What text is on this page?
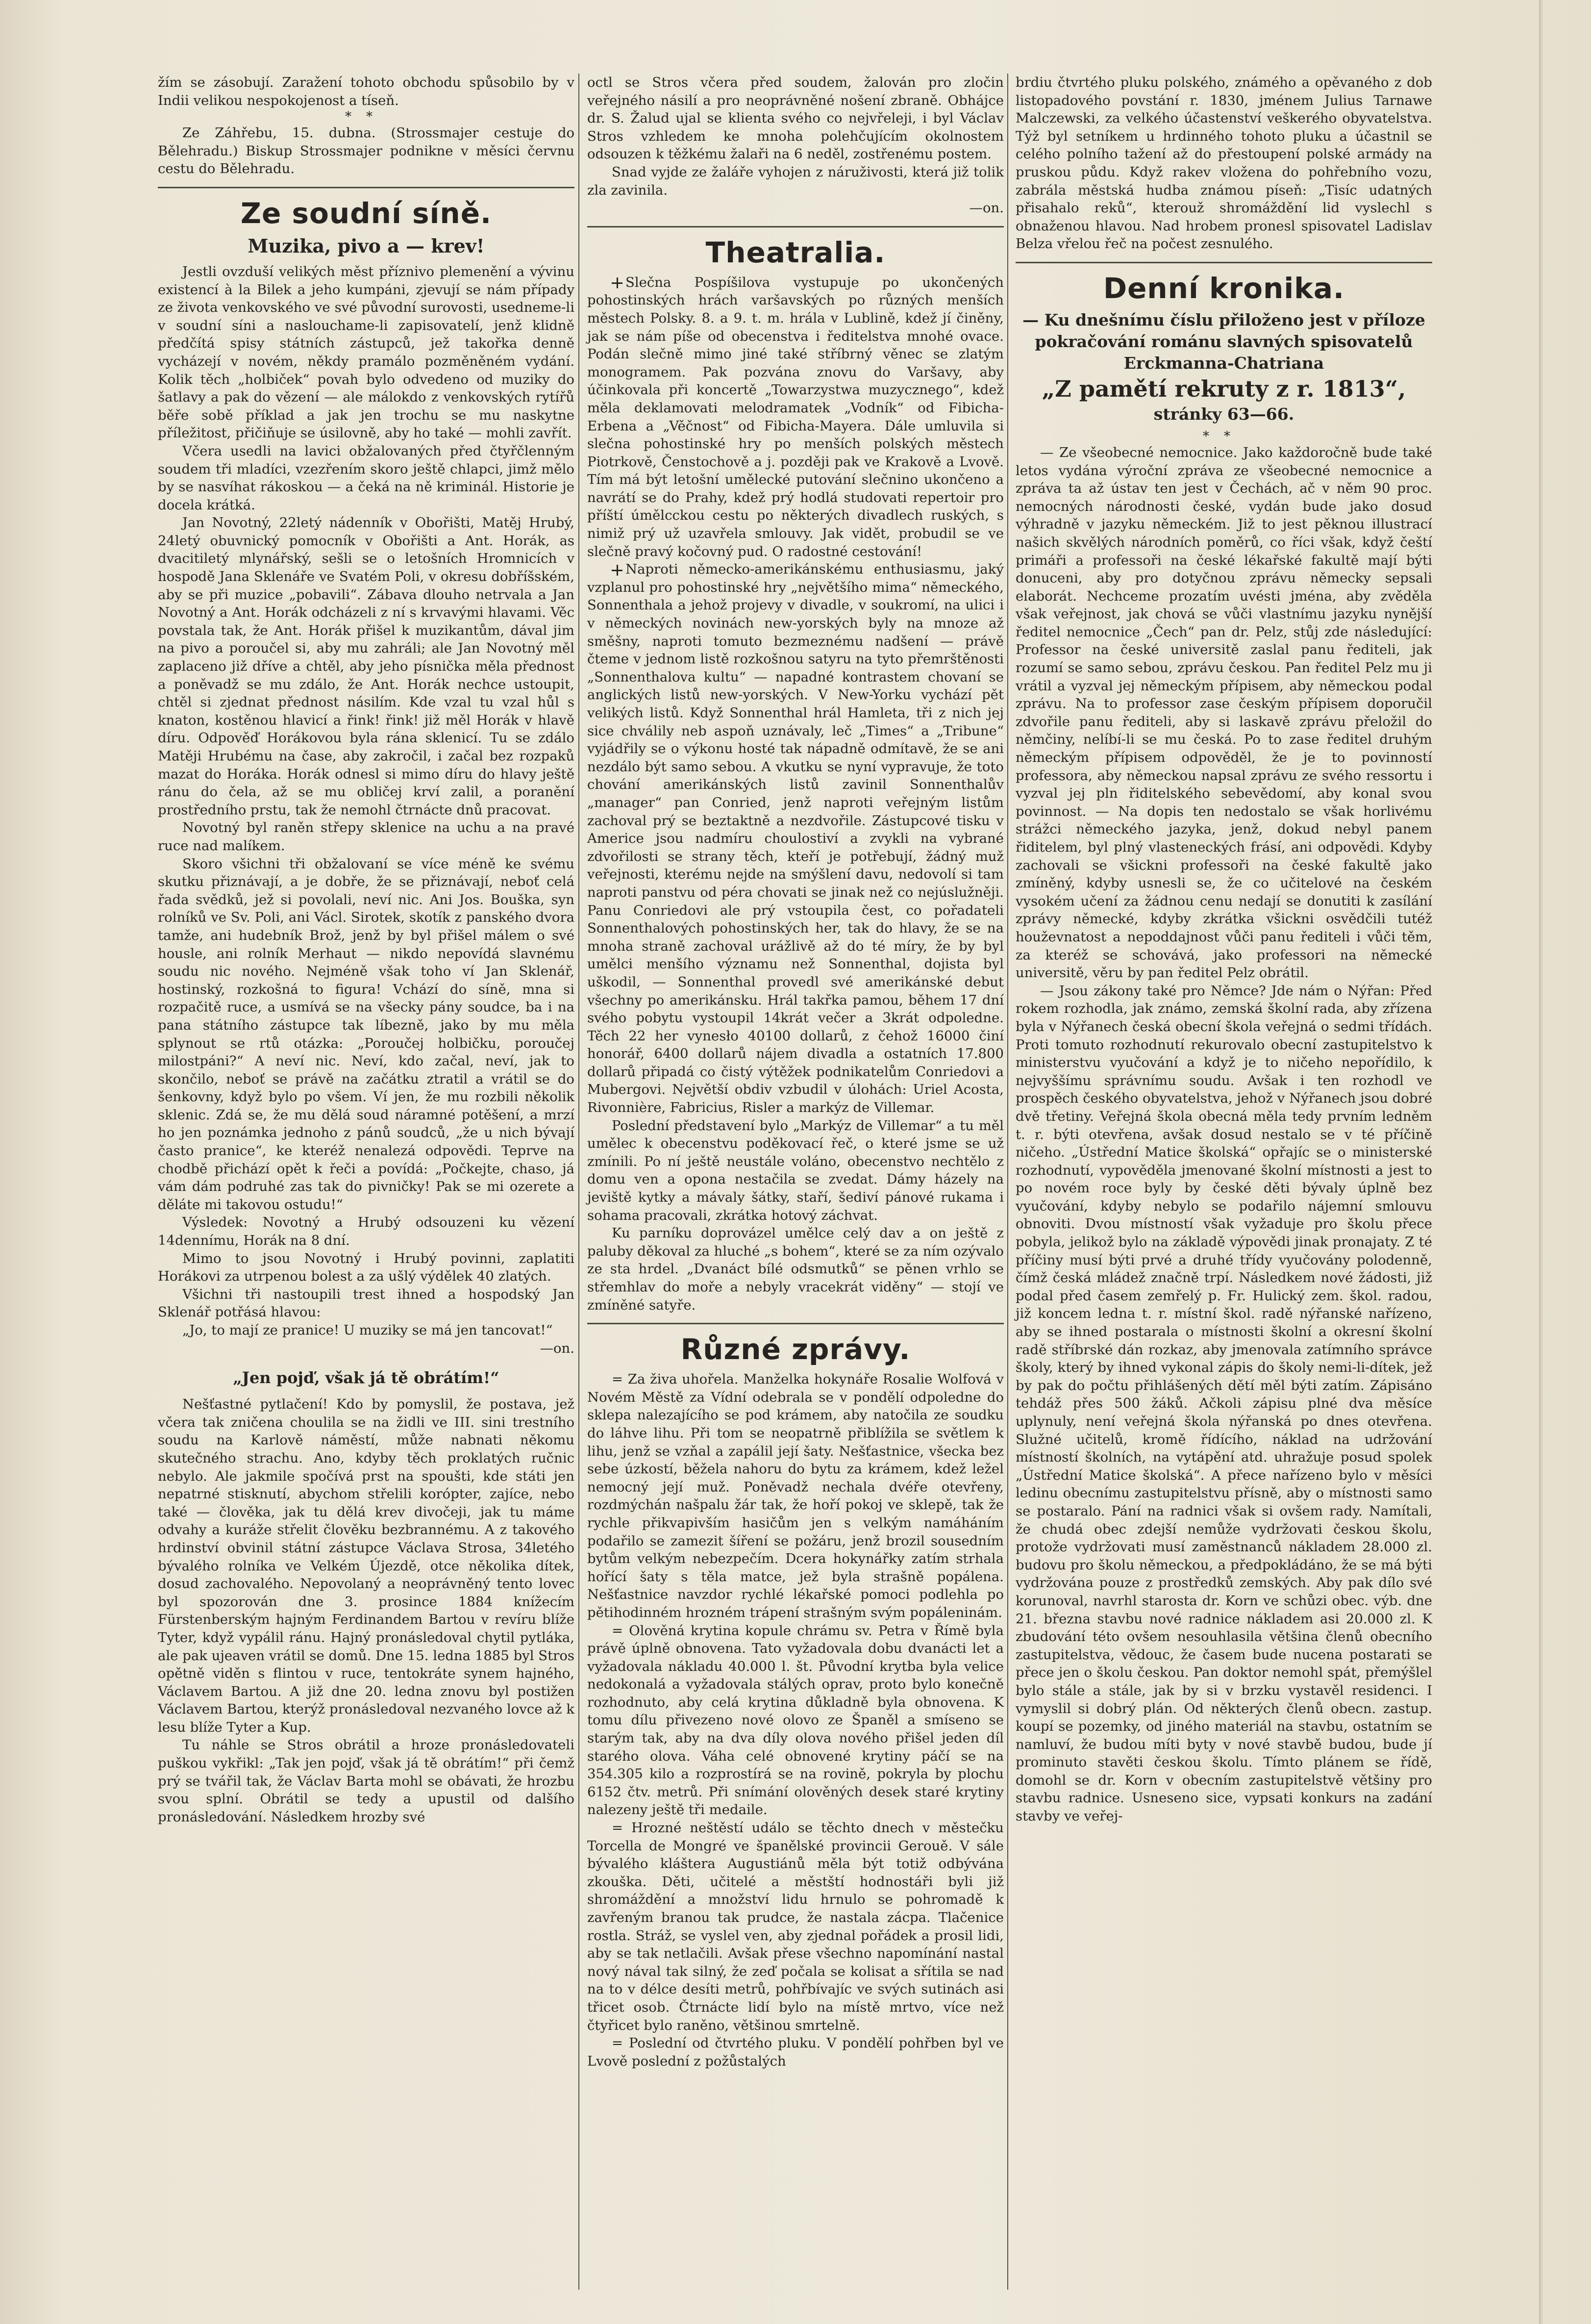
žím se zásobují. Zaražení tohoto obchodu spůsobilo by v Indii velikou nespokojenost a tíseň.

**

Ze Záhřebu, 15. dubna. (Strossmajer cestuje do Bělehradu.) Biskup Strossmajer podnikne v měsíci červnu cestu do Bělehradu.

Ze soudní síně.
Muzika, pivo a — krev!

Jestli ovzduší velikých měst příznivo plemenění a vývinu existencí à la Bilek a jeho kumpáni, zjevují se nám případy ze života venkovského ve své původní surovosti, usedneme-li v soudní síni a naslouchame-li zapisovatelí, jenž klidně předčítá spisy státních zástupců, jež takořka denně vycházejí v novém, někdy pramálo pozměněném vydání. Kolik těch „holbiček“ povah bylo odvedeno od muziky do šatlavy a pak do vězení — ale málokdo z venkovských rytířů běře sobě příklad a jak jen trochu se mu naskytne příležitost, přičiňuje se úsilovně, aby ho také — mohli zavřít.

Včera usedli na lavici obžalovaných před čtyřčlenným soudem tři mladíci, vzezřením skoro ještě chlapci, jimž mělo by se nasvíhat rákoskou — a čeká na ně kriminál. Historie je docela krátká.

Jan Novotný, 22letý nádenník v Obořišti, Matěj Hrubý, 24letý obuvnický pomocník v Obořišti a Ant. Horák, as dvacitiletý mlynářský, sešli se o letošních Hromnicích v hospodě Jana Sklenáře ve Svatém Poli, v okresu dobříšském, aby se při muzice „pobavili“. Zábava dlouho netrvala a Jan Novotný a Ant. Horák odcházeli z ní s krvavými hlavami. Věc povstala tak, že Ant. Horák přišel k muzikantům, dával jim na pivo a poroučel si, aby mu zahráli; ale Jan Novotný měl zaplaceno již dříve a chtěl, aby jeho písnička měla přednost a poněvadž se mu zdálo, že Ant. Horák nechce ustoupit, chtěl si zjednat přednost násilím. Kde vzal tu vzal hůl s knaton, kostěnou hlavicí a řink! řink! již měl Horák v hlavě díru. Odpověď Horákovou byla rána sklenicí. Tu se zdálo Matěji Hrubému na čase, aby zakročil, i začal bez rozpaků mazat do Horáka. Horák odnesl si mimo díru do hlavy ještě ránu do čela, až se mu obličej krví zalil, a poranění prostředního prstu, tak že nemohl čtrnácte dnů pracovat.

Novotný byl raněn střepy sklenice na uchu a na pravé ruce nad malíkem.

Skoro všichni tři obžalovaní se více méně ke svému skutku přiznávají, a je dobře, že se přiznávají, neboť celá řada svědků, jež si povolali, neví nic. Ani Jos. Bouška, syn rolníků ve Sv. Poli, ani Václ. Sirotek, skotík z panského dvora tamže, ani hudebník Brož, jenž by byl přišel málem o své housle, ani rolník Merhaut — nikdo nepovídá slavnému soudu nic nového. Nejméně však toho ví Jan Sklenář, hostinský, rozkošná to figura! Vchází do síně, mna si rozpačitě ruce, a usmívá se na všecky pány soudce, ba i na pana státního zástupce tak líbezně, jako by mu měla splynout se rtů otázka: „Poroučej holbičku, poroučej milostpáni?“ A neví nic. Neví, kdo začal, neví, jak to skončilo, neboť se právě na začátku ztratil a vrátil se do šenkovny, když bylo po všem. Ví jen, že mu rozbili několik sklenic. Zdá se, že mu dělá soud náramné potěšení, a mrzí ho jen poznámka jednoho z pánů soudců, „že u nich bývají často pranice“, ke kteréž nenalezá odpovědi. Teprve na chodbě přichází opět k řeči a povídá: „Počkejte, chaso, já vám dám podruhé zas tak do pivničky! Pak se mi ozerete a děláte mi takovou ostudu!“

Výsledek: Novotný a Hrubý odsouzeni ku vězení 14dennímu, Horák na 8 dní.

Mimo to jsou Novotný i Hrubý povinni, zaplatiti Horákovi za utrpenou bolest a za ušlý výdělek 40 zlatých.

Všichni tři nastoupili trest ihned a hospodský Jan Sklenář potřásá hlavou:

„Jo, to mají ze pranice! U muziky se má jen tancovat!“

—on.

„Jen pojď, však já tě obrátím!“

Nešťastné pytlačení! Kdo by pomyslil, že postava, jež včera tak zničena choulila se na židli ve III. sini trestního soudu na Karlově náměstí, může nabnati někomu skutečného strachu. Ano, kdyby těch proklatých ručnic nebylo. Ale jakmile spočívá prst na spoušti, kde státi jen nepatrné stisknutí, abychom střelili korópter, zajíce, nebo také — člověka, jak tu dělá krev divočeji, jak tu máme odvahy a kuráže střelit člověku bezbrannému. A z takového hrdinství obvinil státní zástupce Václava Strosa, 34letého bývalého rolníka ve Velkém Újezdě, otce několika dítek, dosud zachovalého. Nepovolaný a neoprávněný tento lovec byl spozorován dne 3. prosince 1884 knížecím Fürstenberským hajným Ferdinandem Bartou v revíru blíže Tyter, když vypálil ránu. Hajný pronásledoval chytil pytláka, ale pak ujeaven vrátil se domů. Dne 15. ledna 1885 byl Stros opětně viděn s flintou v ruce, tentokráte synem hajného, Václavem Bartou. A již dne 20. ledna znovu byl postižen Václavem Bartou, kterýž pronásledoval nezvaného lovce až k lesu blíže Tyter a Kup.

Tu náhle se Stros obrátil a hroze pronásledovateli puškou vykřikl: „Tak jen pojď, však já tě obrátím!“ při čemž prý se tvářil tak, že Václav Barta mohl se obávati, že hrozbu svou splní. Obrátil se tedy a upustil od dalšího pronásledování. Následkem hrozby své

octl se Stros včera před soudem, žalován pro zločin veřejného násilí a pro neoprávněné nošení zbraně. Obhájce dr. S. Žalud ujal se klienta svého co nejvřeleji, i byl Václav Stros vzhledem ke mnoha polehčujícím okolnostem odsouzen k těžkému žalaři na 6 neděl, zostřenému postem.

Snad vyjde ze žaláře vyhojen z náruživosti, která již tolik zla zavinila.

—on.

Theatralia.

Slečna Pospíšilova vystupuje po ukončených pohostinských hrách varšavských po různých menších městech Polsky. 8. a 9. t. m. hrála v Lublině, kdež jí činěny, jak se nám píše od obecenstva i ředitelstva mnohé ovace. Podán slečně mimo jiné také stříbrný věnec se zlatým monogramem. Pak pozvána znovu do Varšavy, aby účinkovala při koncertě „Towarzystwa muzycznego“, kdež měla deklamovati melodramatek „Vodník“ od Fibicha-Erbena a „Věčnost“ od Fibicha-Mayera. Dále umluvila si slečna pohostinské hry po menších polských městech Piotrkově, Čenstochově a j. později pak ve Krakově a Lvově. Tím má být letošní umělecké putování slečnino ukončeno a navrátí se do Prahy, kdež prý hodlá studovati repertoir pro příští úmělcckou cestu po některých divadlech ruských, s nimiž prý už uzavřela smlouvy. Jak vidět, probudil se ve slečně pravý kočovný pud. O radostné cestování!

Naproti německo-amerikánskému enthusiasmu, jaký vzplanul pro pohostinské hry „největšího mima“ německého, Sonnenthala a jehož projevy v divadle, v soukromí, na ulici i v německých novinách new-yorských byly na mnoze až směšny, naproti tomuto bezmeznému nadšení — právě čteme v jednom listě rozkošnou satyru na tyto přemrštěnosti „Sonnenthalova kultu“ — napadné kontrastem chovaní se anglických listů new-yorských. V New-Yorku vychází pět velikých listů. Když Sonnenthal hrál Hamleta, tři z nich jej sice chválily neb aspoň uznávaly, leč „Times“ a „Tribune“ vyjádřily se o výkonu hosté tak nápadně odmítavě, že se ani nezdálo být samo sebou. A vkutku se nyní vypravuje, že toto chování amerikánských listů zavinil Sonnenthalův „manager“ pan Conried, jenž naproti veřejným listům zachoval prý se beztaktně a nezdvořile. Zástupcové tisku v Americe jsou nadmíru choulostiví a zvykli na vybrané zdvořilosti se strany těch, kteří je potřebují, žádný muž veřejnosti, kterému nejde na smýšlení davu, nedovolí si tam naproti panstvu od péra chovati se jinak než co nejúslužněji. Panu Conriedovi ale prý vstoupila čest, co pořadateli Sonnenthalových pohostinských her, tak do hlavy, že se na mnoha straně zachoval urážlivě až do té míry, že by byl umělci menšího významu než Sonnenthal, dojista byl uškodil, — Sonnenthal provedl své amerikánské debut všechny po amerikánsku. Hrál takřka pamou, během 17 dní svého pobytu vystoupil 14krát večer a 3krát odpoledne. Těch 22 her vynesło 40100 dollarů, z čehož 16000 činí honorář, 6400 dollarů nájem divadla a ostatních 17.800 dollarů připadá co čistý výtěžek podnikatelům Conriedovi a Mubergovi. Největší obdiv vzbudil v úlohách: Uriel Acosta, Rivonnière, Fabricius, Risler a markýz de Villemar.

Poslední představení bylo „Markýz de Villemar“ a tu měl umělec k obecenstvu poděkovací řeč, o které jsme se už zmínili. Po ní ještě neustále voláno, obecenstvo nechtělo z domu ven a opona nestačila se zvedat. Dámy házely na jeviště kytky a mávaly šátky, staří, šediví pánové rukama i sohama pracovali, zkrátka hotový záchvat.

Ku parníku doprovázel umělce celý dav a on ještě z paluby děkoval za hluché „s bohem“, které se za ním ozývalo ze sta hrdel. „Dvanáct bílé odsmutků“ se pěnen vrhlo se střemhlav do moře a nebyly vracekrát viděny“ — stojí ve zmíněné satyře.

Různé zprávy.

= Za živa uhořela. Manželka hokynáře Rosalie Wolfová v Novém Městě za Vídní odebrala se v pondělí odpoledne do sklepa nalezajícího se pod krámem, aby natočila ze soudku do láhve lihu. Při tom se neopatrně přiblížila se světlem k lihu, jenž se vzňal a zapálil její šaty. Nešťastnice, všecka bez sebe úzkostí, běžela nahoru do bytu za krámem, kdež ležel nemocný její muž. Poněvadž nechala dvéře otevřeny, rozdmýchán našpalu žár tak, že hoří pokoj ve sklepě, tak že rychle přikvapivším hasičům jen s velkým namáháním podařilo se zamezit šíření se požáru, jenž brozil sousedním bytům velkým nebezpečím. Dcera hokynářky zatím strhala hořící šaty s těla matce, jež byla strašně popálena. Nešťastnice navzdor rychlé lékařské pomoci podlehla po pětihodinném hrozném trápení strašným svým popáleninám.

= Olověná krytina kopule chrámu sv. Petra v Římě byla právě úplně obnovena. Tato vyžadovala dobu dvanácti let a vyžadovala nákladu 40.000 l. št. Původní krytba byla velice nedokonalá a vyžadovala stálých oprav, proto bylo konečně rozhodnuto, aby celá krytina důkladně byla obnovena. K tomu dílu přivezeno nové olovo ze Španěl a smíseno se starým tak, aby na dva díly olova nového přišel jeden díl starého olova. Váha celé obnovené krytiny páčí se na 354.305 kilo a rozprostírá se na rovině, pokryla by plochu 6152 čtv. metrů. Při snímání olověných desek staré krytiny nalezeny ještě tři medaile.

= Hrozné neštěstí událo se těchto dnech v městečku Torcella de Mongré ve španělské provincii Gerouě. V sále bývalého kláštera Augustiánů měla být totiž odbývána zkouška. Děti, učitelé a městští hodnostáři byli již shromáždění a množství lidu hrnulo se pohromadě k zavřeným branou tak prudce, že nastala zácpa. Tlačenice rostla. Stráž, se vyslel ven, aby zjednal pořádek a prosil lidi, aby se tak netlačili. Avšak přese všechno napomínání nastal nový nával tak silný, že zeď počala se kolisat a sřítila se nad na to v délce desíti metrů, pohřbívajíc ve svých sutinách asi třicet osob. Čtrnácte lidí bylo na místě mrtvo, více než čtyřicet bylo raněno, většinou smrtelně.

= Poslední od čtvrtého pluku. V pondělí pohřben byl ve Lvově poslední z požůstalých

brdiu čtvrtého pluku polského, známého a opěvaného z dob listopadového povstání r. 1830, jménem Julius Tarnawe Malczewski, za velkého účastenství veškerého obyvatelstva. Týž byl setníkem u hrdinného tohoto pluku a účastnil se celého polního tažení až do přestoupení polské armády na pruskou půdu. Když rakev vložena do pohřebního vozu, zabrála městská hudba známou píseň: „Tisíc udatných přisahalo reků“, kterouž shromáždění lid vyslechl s obnaženou hlavou. Nad hrobem pronesl spisovatel Ladislav Belza vřelou řeč na počest zesnulého.

Denní kronika.
— Ku dnešnímu číslu přiloženo jest v příloze pokračování románu slavných spisovatelů Erckmanna-Chatriana
„Z pamětí rekruty z r. 1813“,
stránky 63—66.
**

— Ze všeobecné nemocnice. Jako každoročně bude také letos vydána výroční zpráva ze všeobecné nemocnice a zpráva ta až ústav ten jest v Čechách, ač v něm 90 proc. nemocných národnosti české, vydán bude jako dosud výhradně v jazyku německém. Již to jest pěknou illustrací našich skvělých národních poměrů, co říci však, když čeští primáři a professoři na české lékařské fakultě mají býti donuceni, aby pro dotyčnou zprávu německy sepsali elaborát. Nechceme prozatím uvésti jména, aby zvěděla však veřejnost, jak chová se vůči vlastnímu jazyku nynější ředitel nemocnice „Čech“ pan dr. Pelz, stůj zde následující: Professor na české universitě zaslal panu řediteli, jak rozumí se samo sebou, zprávu českou. Pan ředitel Pelz mu ji vrátil a vyzval jej německým přípisem, aby německou podal zprávu. Na to professor zase českým přípisem doporučil zdvořile panu řediteli, aby si laskavě zprávu přeložil do němčiny, nelíbí-li se mu česká. Po to zase ředitel druhým německým přípisem odpověděl, že je to povinností professora, aby německou napsal zprávu ze svého ressortu i vyzval jej pln řiditelského sebevědomí, aby konal svou povinnost. — Na dopis ten nedostalo se však horlivému strážci německého jazyka, jenž, dokud nebyl panem řiditelem, byl plný vlasteneckých frásí, ani odpovědi. Kdyby zachovali se všickni professoři na české fakultě jako zmíněný, kdyby usnesli se, že co učitelové na českém vysokém učení za žádnou cenu nedají se donutiti k zasílání zprávy německé, kdyby zkrátka všickni osvědčili tutéž houževnatost a nepoddajnost vůči panu řediteli i vůči těm, za kteréž se schovává, jako professori na německé universitě, věru by pan ředitel Pelz obrátil.

— Jsou zákony také pro Němce? Jde nám o Nýřan: Před rokem rozhodla, jak známo, zemská školní rada, aby zřízena byla v Nýřanech česká obecní škola veřejná o sedmi třídách. Proti tomuto rozhodnutí rekurovalo obecní zastupitelstvo k ministerstvu vyučování a když je to ničeho nepořídilo, k nejvyššímu správnímu soudu. Avšak i ten rozhodl ve prospěch českého obyvatelstva, jehož v Nýřanech jsou dobré dvě třetiny. Veřejná škola obecná měla tedy prvním ledněm t. r. býti otevřena, avšak dosud nestalo se v té příčině ničeho. „Ústřední Matice školská“ opřajíc se o ministerské rozhodnutí, vypověděla jmenované školní místnosti a jest to po novém roce byly by české děti bývaly úplně bez vyučování, kdyby nebylo se podařilo nájemní smlouvu obnoviti. Dvou místností však vyžaduje pro školu přece pobyla, jelikož bylo na základě výpovědi jinak pronajaty. Z té příčiny musí býti prvé a druhé třídy vyučovány polodenně, čímž česká mládež značně trpí. Následkem nové žádosti, již podal před časem zemřelý p. Fr. Hulický zem. škol. radou, již koncem ledna t. r. místní škol. radě nýřanské nařízeno, aby se ihned postarala o místnosti školní a okresní školní radě stříbrské dán rozkaz, aby jmenovala zatímního správce školy, který by ihned vykonal zápis do školy nemi-li-dítek, jež by pak do počtu přihlášených dětí měl býti zatím. Zápisáno tehdáž přes 500 žáků. Ačkoli zápisu plné dva měsíce uplynuly, není veřejná škola nýřanská po dnes otevřena. Služné učitelů, kromě řídícího, náklad na udržování místností školních, na vytápění atd. uhražuje posud spolek „Ústřední Matice školská“. A přece nařízeno bylo v měsíci ledinu obecnímu zastupitelstvu přísně, aby o místnosti samo se postaralo. Pání na radnici však si ovšem rady. Namítali, že chudá obec zdejší nemůže vydržovati českou školu, protože vydržovati musí zaměstnanců nákladem 28.000 zl. budovu pro školu německou, a předpokládáno, že se má býti vydržována pouze z prostředků zemských. Aby pak dílo své korunoval, navrhl starosta dr. Korn ve schůzi obec. výb. dne 21. března stavbu nové radnice nákladem asi 20.000 zl. K zbudování této ovšem nesouhlasila většina členů obecního zastupitelstva, vědouc, že časem bude nucena postarati se přece jen o školu českou. Pan doktor nemohl spát, přemýšlel bylo stále a stále, jak by si v brzku vystavěl residenci. I vymyslil si dobrý plán. Od některých členů obecn. zastup. koupí se pozemky, od jiného materiál na stavbu, ostatním se namluví, že budou míti byty v nové stavbě budou, bude jí prominuto stavěti českou školu. Tímto plánem se řídě, domohl se dr. Korn v obecním zastupitelstvě většiny pro stavbu radnice. Usneseno sice, vypsati konkurs na zadání stavby ve veřej-
